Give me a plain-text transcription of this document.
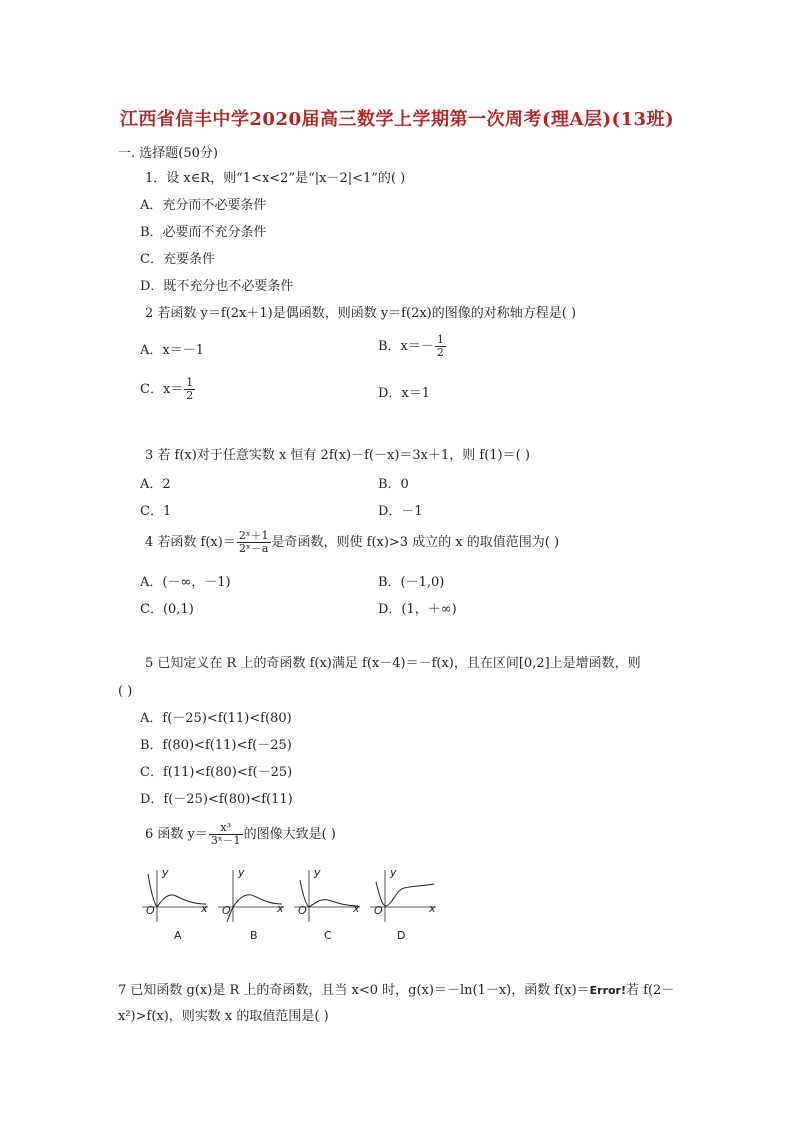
江西省信丰中学2020届高三数学上学期第一次周考(理A层)(13班)
一. 选择题(50分)
1．设 x∈R，则“1<x<2”是“|x－2|<1”的( )
A．充分而不必要条件
B．必要而不充分条件
C．充要条件
D．既不充分也不必要条件
2 若函数 y＝f(2x＋1)是偶函数，则函数 y＝f(2x)的图像的对称轴方程是( )
A．x＝－1	B．$x=- \frac{1}{2}$
C．$x= \frac{1}{2}$	D．x＝1
3 若 f(x)对于任意实数 x 恒有 2f(x)－f(－x)＝3x＋1，则 f(1)＝( )
A．2	B．0
C．1	D．－1
4 若函数 $f(x)= \frac{\text{2ˣ＋1}}{\text{2ˣ－a}}$ 是奇函数，则使 f(x)>3 成立的 x 的取值范围为( )
A．(－∞，－1)	B．(－1,0)
C．(0,1)	D．(1，＋∞)
5 已知定义在 R 上的奇函数 f(x)满足 f(x－4)＝－f(x)，且在区间[0,2]上是增函数，则
( )
A．f(－25)<f(11)<f(80)
B．f(80)<f(11)<f(－25)
C．f(11)<f(80)<f(－25)
D．f(－25)<f(80)<f(11)
6 函数 $y= \frac{\text{x³}}{\text{3ˣ－1}}$ 的图像大致是( )
y
x
O
A
y
x
O
B
y
x
O
C
y
x
O
D
7 已知函数 g(x)是 R 上的奇函数，且当 x<0 时，g(x)＝－ln(1－x)，函数 f(x)＝Error!若 f(2－
x²)>f(x)，则实数 x 的取值范围是( )
